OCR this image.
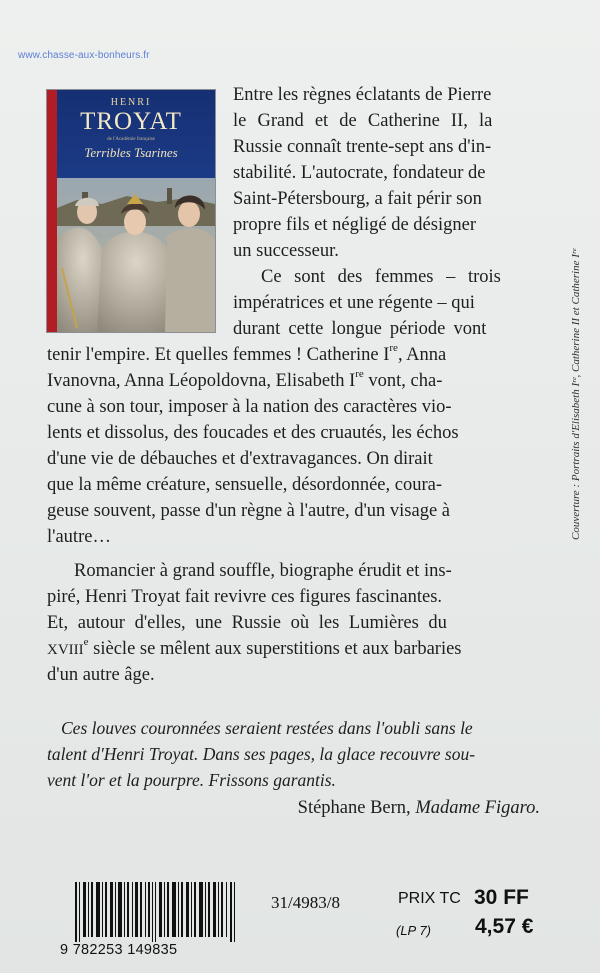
www.chasse-aux-bonheurs.fr
HENRI
TROYAT
de l'Académie française
Terribles Tsarines
Entre les règnes éclatants de Pierre
le Grand et de Catherine II, la
Russie connaît trente-sept ans d'in-
stabilité. L'autocrate, fondateur de
Saint-Pétersbourg, a fait périr son
propre fils et négligé de désigner
un successeur.
Ce sont des femmes – trois
impératrices et une régente – qui
durant cette longue période vont
tenir l'empire. Et quelles femmes ! Catherine Ire, Anna
Ivanovna, Anna Léopoldovna, Elisabeth Ire vont, cha-
cune à son tour, imposer à la nation des caractères vio-
lents et dissolus, des foucades et des cruautés, les échos
d'une vie de débauches et d'extravagances. On dirait
que la même créature, sensuelle, désordonnée, coura-
geuse souvent, passe d'un règne à l'autre, d'un visage à
l'autre…
Romancier à grand souffle, biographe érudit et ins-
piré, Henri Troyat fait revivre ces figures fascinantes.
Et, autour d'elles, une Russie où les Lumières du
XVIIIe siècle se mêlent aux superstitions et aux barbaries
d'un autre âge.
Ces louves couronnées seraient restées dans l'oubli sans le
talent d'Henri Troyat. Dans ses pages, la glace recouvre sou-
vent l'or et la pourpre. Frissons garantis.
Stéphane Bern, Madame Figaro.
9 782253 149835
31/4983/8	PRIX TC 30 FF
(LP 7) 4,57 €
Couverture : Portraits d'Elisabeth Iʳᵉ, Catherine II et Catherine Iʳᵉ
